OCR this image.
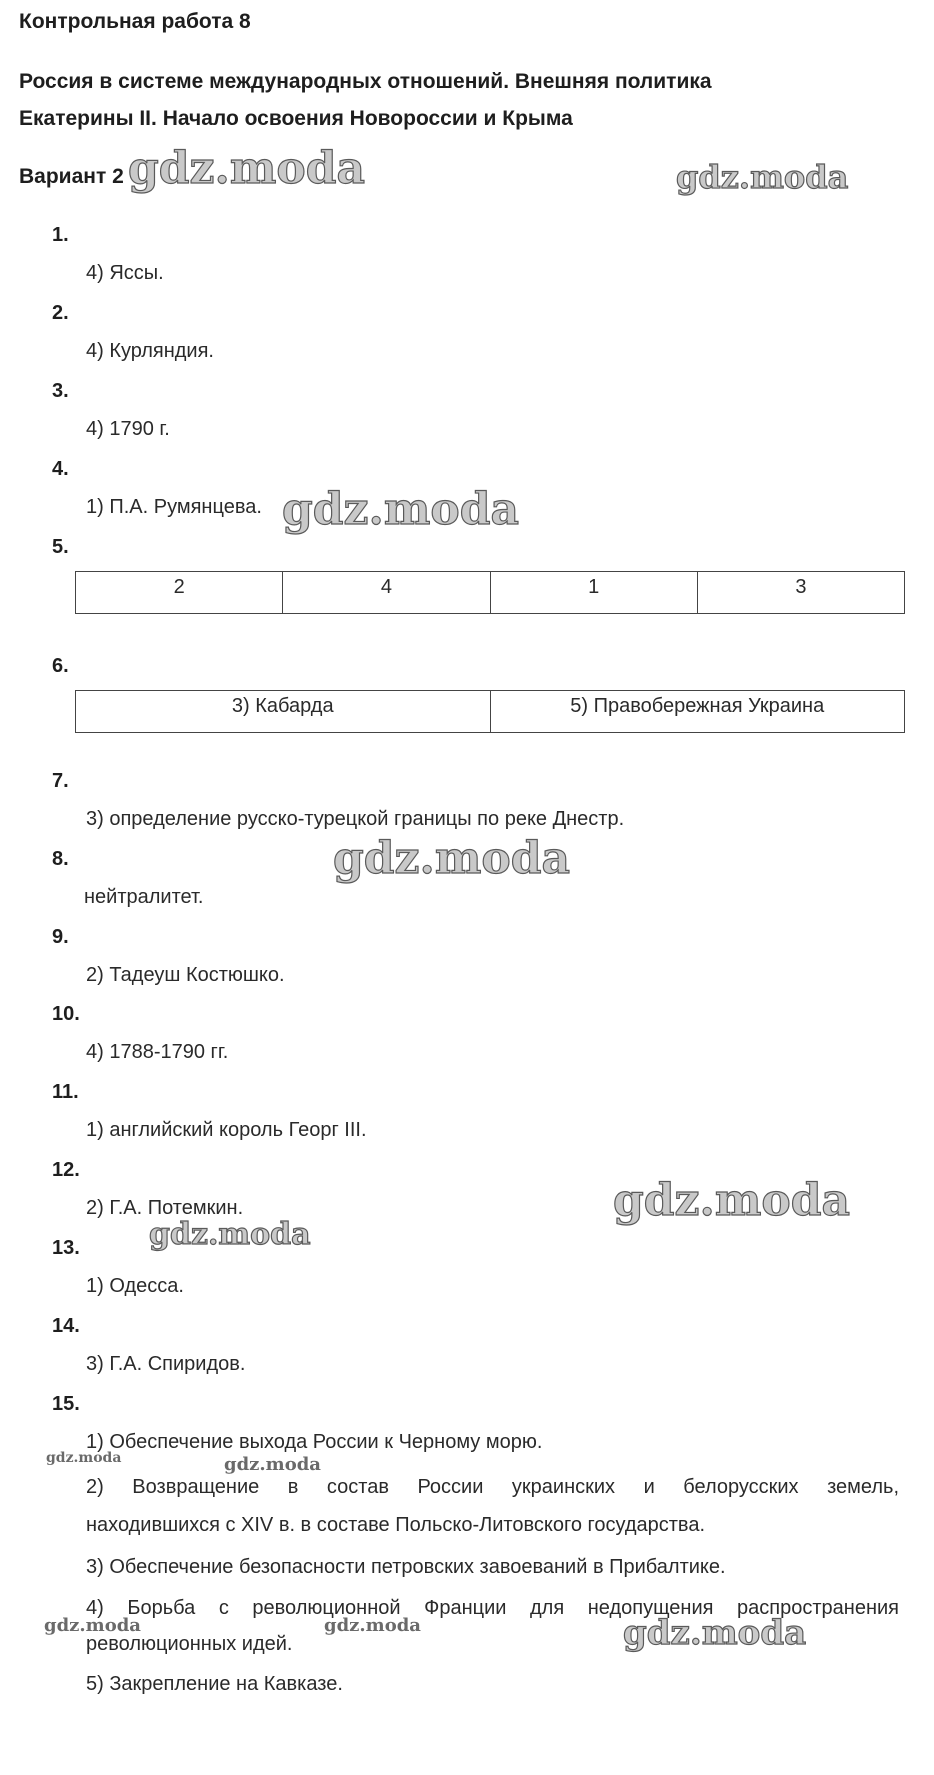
Контрольная работа 8
Россия в системе международных отношений. Внешняя политика
Екатерины II. Начало освоения Новороссии и Крыма
Вариант 2
1.
4) Яссы.
2.
4) Курляндия.
3.
4) 1790 г.
4.
1) П.А. Румянцева.
5.
2	4	1	3
6.
3) Кабарда	5) Правобережная Украина
7.
3) определение русско-турецкой границы по реке Днестр.
8.
нейтралитет.
9.
2) Тадеуш Костюшко.
10.
4) 1788-1790 гг.
11.
1) английский король Георг III.
12.
2) Г.А. Потемкин.
13.
1) Одесса.
14.
3) Г.А. Спиридов.
15.
1) Обеспечение выхода России к Черному морю.
2) Возвращение в состав России украинских и белорусских земель,
находившихся с XIV в. в составе Польско-Литовского государства.
3) Обеспечение безопасности петровских завоеваний в Прибалтике.
4) Борьба с революционной Франции для недопущения распространения
революционных идей.
5) Закрепление на Кавказе.
gdz.moda	gdz.moda
gdz.moda
gdz.moda
gdz.moda
gdz.moda
gdz.moda
gdz.moda	gdz.moda
gdz.moda	gdz.moda
